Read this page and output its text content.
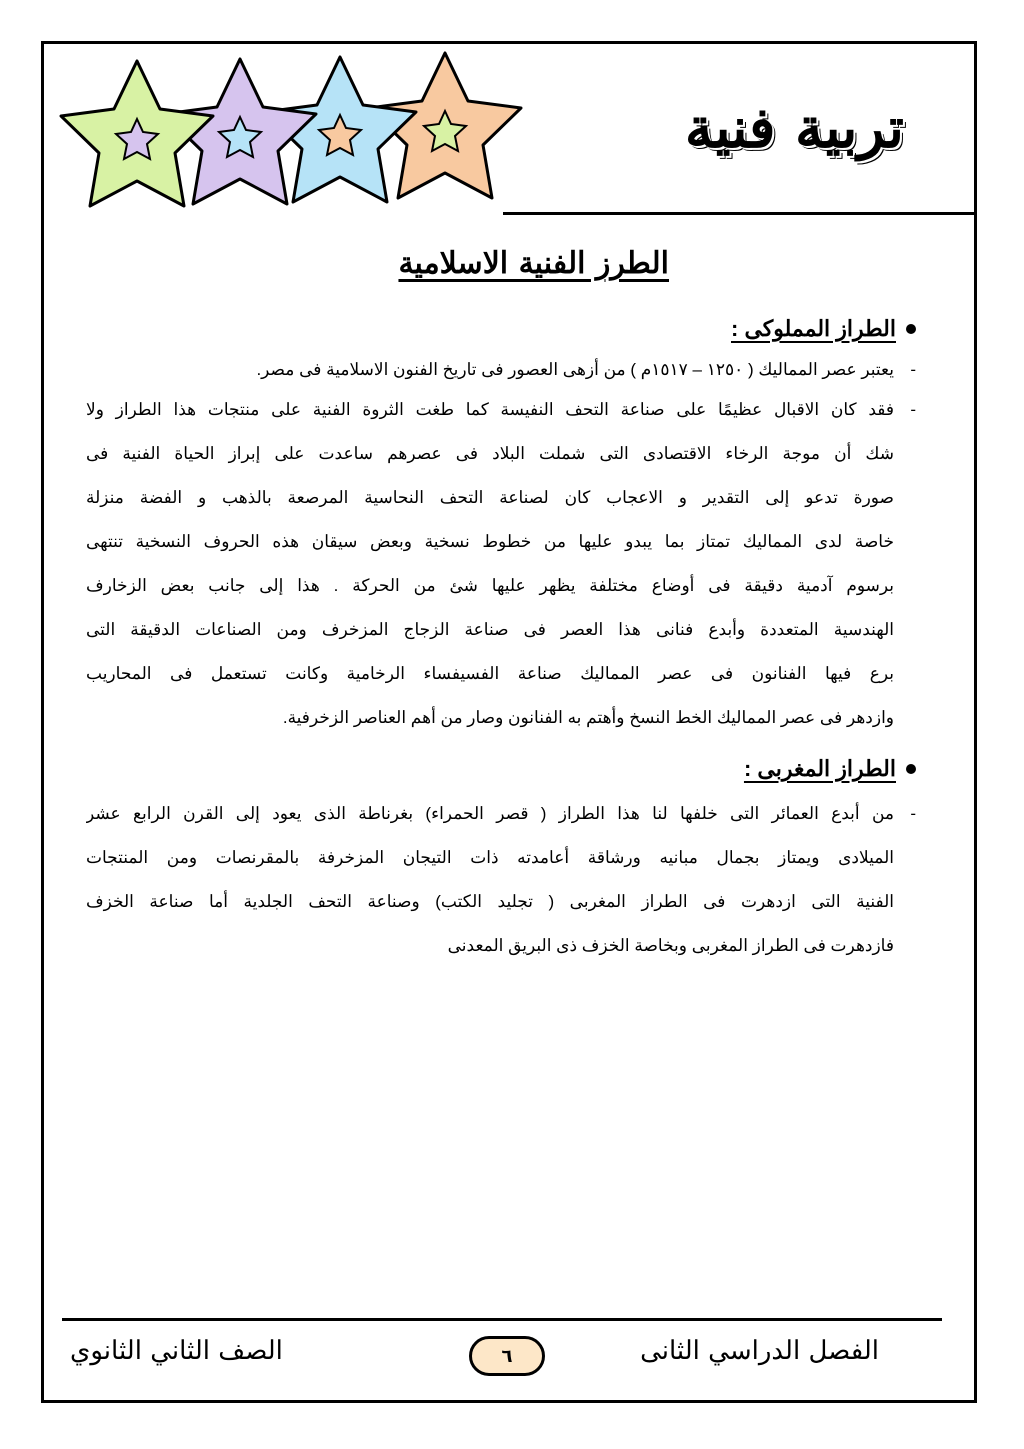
تربية فنية
الطرز الفنية الاسلامية
الطراز المملوكى :
-
يعتبر عصر المماليك ( ١٢٥٠ – ١٥١٧م ) من أزهى العصور فى تاريخ الفنون الاسلامية فى مصر.
-
فقد كان الاقبال عظيمًا على صناعة التحف النفيسة كما طغت الثروة الفنية على منتجات هذا الطراز ولا
شك أن موجة الرخاء الاقتصادى التى شملت البلاد فى عصرهم ساعدت على إبراز الحياة الفنية فى
صورة تدعو إلى التقدير و الاعجاب كان لصناعة التحف النحاسية المرصعة بالذهب و الفضة منزلة
خاصة لدى المماليك تمتاز بما يبدو عليها من خطوط نسخية وبعض سيقان هذه الحروف النسخية تنتهى
برسوم آدمية دقيقة فى أوضاع مختلفة يظهر عليها شئ من الحركة . هذا إلى جانب بعض الزخارف
الهندسية المتعددة وأبدع فنانى هذا العصر فى صناعة الزجاج المزخرف ومن الصناعات الدقيقة التى
برع فيها الفنانون فى عصر المماليك صناعة الفسيفساء الرخامية وكانت تستعمل فى المحاريب
وازدهر فى عصر المماليك الخط النسخ وأهتم به الفنانون وصار من أهم العناصر الزخرفية.
الطراز المغربى :
-
من أبدع العمائر التى خلفها لنا هذا الطراز ( قصر الحمراء) بغرناطة الذى يعود إلى القرن الرابع عشر
الميلادى ويمتاز بجمال مبانيه ورشاقة أعامدته ذات التيجان المزخرفة بالمقرنصات ومن المنتجات
الفنية التى ازدهرت فى الطراز المغربى ( تجليد الكتب) وصناعة التحف الجلدية أما صناعة الخزف
فازدهرت فى الطراز المغربى وبخاصة الخزف ذى البريق المعدنى
الفصل الدراسي الثانى
٦
الصف الثاني الثانوي
